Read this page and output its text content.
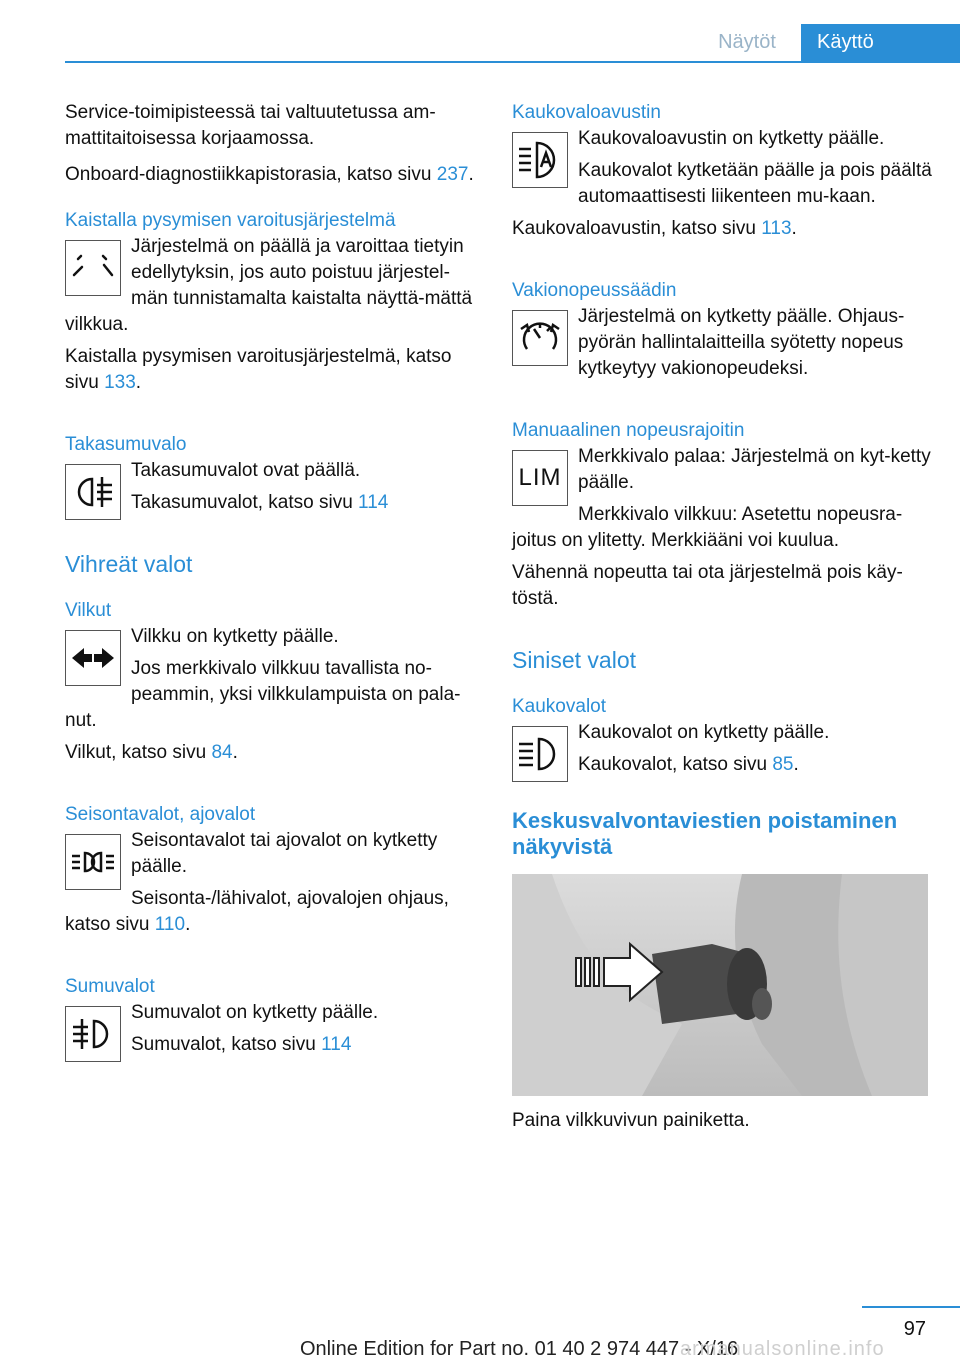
Näytöt	Käyttö

Service-toimipisteessä tai valtuutetussa am-mattitaitoisessa korjaamossa.

Onboard-diagnostiikkapistorasia, katso sivu 237.

Kaistalla pysymisen varoitusjärjestelmä

Järjestelmä on päällä ja varoittaa tietyin edellytyksin, jos auto poistuu järjestel-män tunnistamalta kaistalta näyttä-mättä vilkkua.

Kaistalla pysymisen varoitusjärjestelmä, katso sivu 133.

Takasumuvalo

Takasumuvalot ovat päällä.

Takasumuvalot, katso sivu 114

Vihreät valot
Vilkut

Vilkku on kytketty päälle.

Jos merkkivalo vilkkuu tavallista no-peammin, yksi vilkkulampuista on pala-nut.

Vilkut, katso sivu 84.

Seisontavalot, ajovalot

Seisontavalot tai ajovalot on kytketty päälle.

Seisonta-/lähivalot, ajovalojen ohjaus, katso sivu 110.

Sumuvalot

Sumuvalot on kytketty päälle.

Sumuvalot, katso sivu 114

Kaukovaloavustin

Kaukovaloavustin on kytketty päälle.

Kaukovalot kytketään päälle ja pois päältä automaattisesti liikenteen mu-kaan.

Kaukovaloavustin, katso sivu 113.

Vakionopeussäädin

Järjestelmä on kytketty päälle. Ohjaus-pyörän hallintalaitteilla syötetty nopeus kytkeytyy vakionopeudeksi.

Manuaalinen nopeusrajoitin
LIM

Merkkivalo palaa: Järjestelmä on kyt-ketty päälle.

Merkkivalo vilkkuu: Asetettu nopeusra-joitus on ylitetty. Merkkiääni voi kuulua.

Vähennä nopeutta tai ota järjestelmä pois käy-töstä.

Siniset valot
Kaukovalot

Kaukovalot on kytketty päälle.

Kaukovalot, katso sivu 85.

Keskusvalvontaviestien poistaminen näkyvistä

Paina vilkkuvivun painiketta.

97
Online Edition for Part no. 01 40 2 974 447 - X/16
armanualsonline.info
